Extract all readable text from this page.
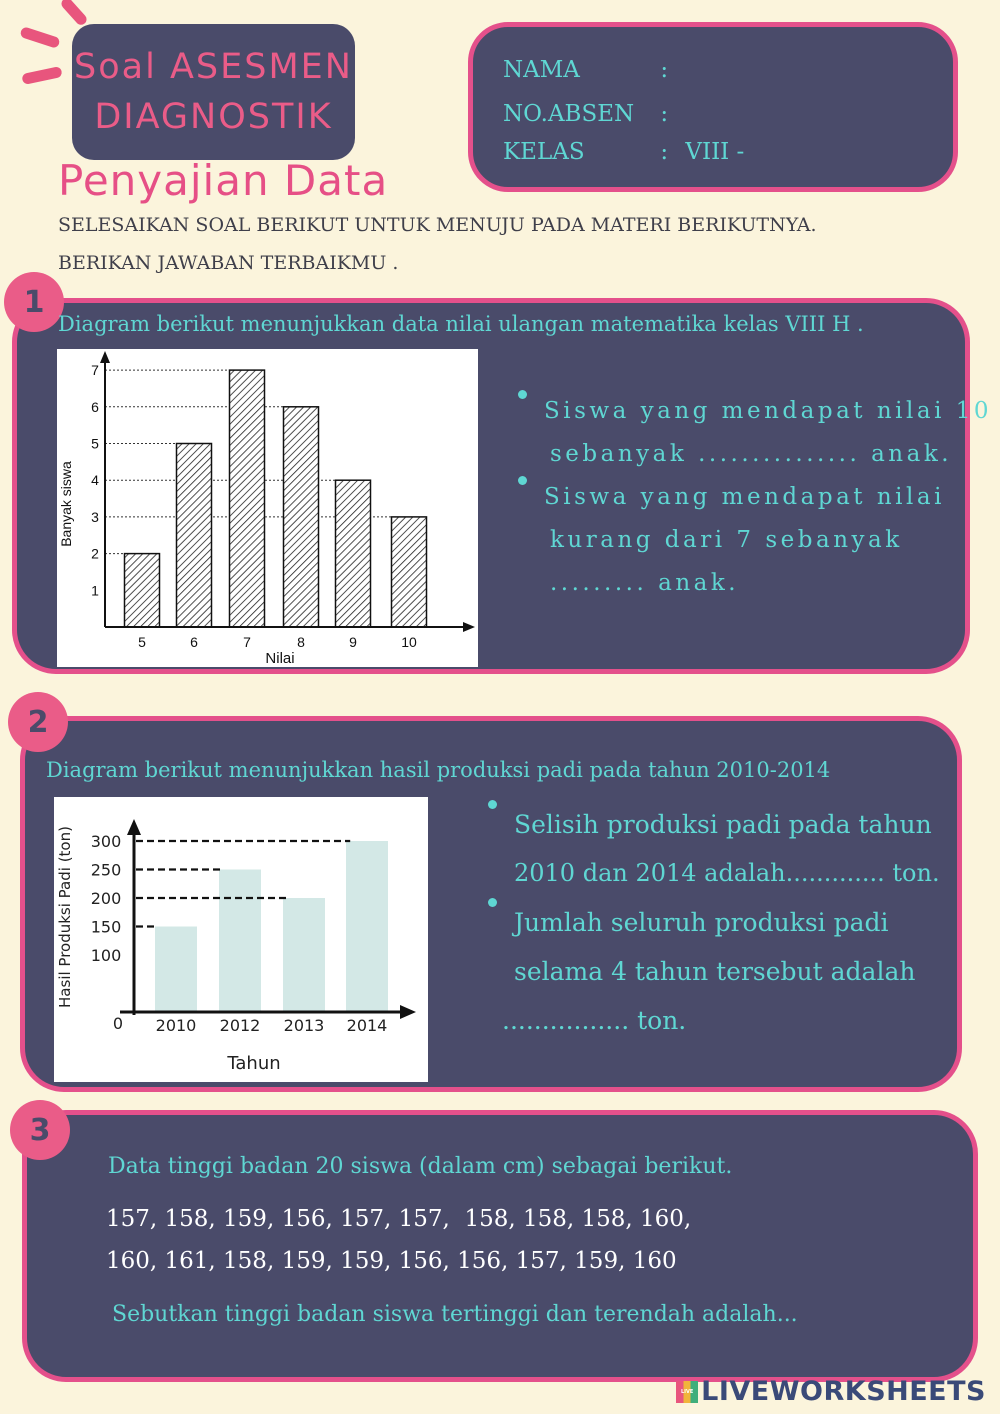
Soal ASESMEN
DIAGNOSTIK
Penyajian Data
NAMA	:
NO.ABSEN :
KELAS	: VIII -
SELESAIKAN SOAL BERIKUT UNTUK MENUJU PADA MATERI BERIKUTNYA.
BERIKAN JAWABAN TERBAIKMU .
1
Diagram berikut menunjukkan data nilai ulangan matematika kelas VIII H .
1
2
3
4
5
6
7
5	6	7	8	9	10
Nilai
Banyak siswa
Siswa yang mendapat nilai 10
sebanyak ............... anak.
Siswa yang mendapat nilai
kurang dari 7 sebanyak
......... anak.
2
Diagram berikut menunjukkan hasil produksi padi pada tahun 2010-2014
100
150
200
250
300
0 2010 2012 2013 2014
Tahun
Hasil Produksi Padi (ton)
Selisih produksi padi pada tahun
2010 dan 2014 adalah............. ton.
Jumlah seluruh produksi padi
selama 4 tahun tersebut adalah
................ ton.
3
Data tinggi badan 20 siswa (dalam cm) sebagai berikut.
157, 158, 159, 156, 157, 157,  158, 158, 158, 160,
160, 161, 158, 159, 159, 156, 156, 157, 159, 160
Sebutkan tinggi badan siswa tertinggi dan terendah adalah...
LIVE LIVEWORKSHEETS
